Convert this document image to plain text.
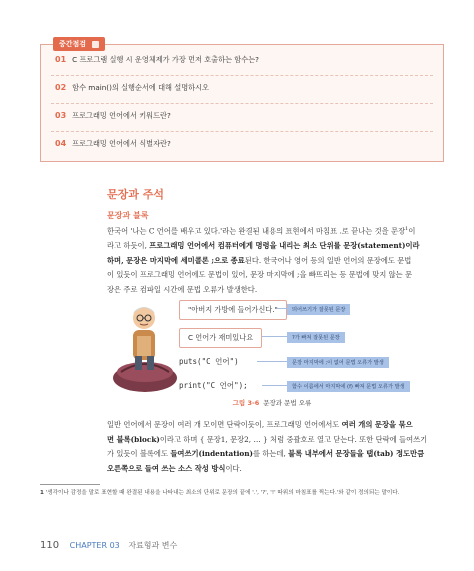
중간점검
01 C 프로그램 실행 시 운영체제가 가장 먼저 호출하는 함수는?
02 함수 main()의 실행순서에 대해 설명하시오
03 프로그래밍 언어에서 키워드란?
04 프로그래밍 언어에서 식별자란?
문장과 주석
문장과 블록
한국어 '나는 C 언어를 배우고 있다.'라는 완결된 내용의 표현에서 마침표 .로 끝나는 것을 문장$^1$이
라고 하듯이, 프로그래밍 언어에서 컴퓨터에게 명령을 내리는 최소 단위를 문장(statement)이라
하며, 문장은 마지막에 세미콜론 ;으로 종료된다. 한국어나 영어 등의 일반 언어의 문장에도 문법
이 있듯이 프로그래밍 언어에도 문법이 있어, 문장 마지막에 ;을 빠뜨리는 등 문법에 맞지 않는 문
장은 주로 컴파일 시간에 문법 오류가 발생한다.
"아버지 가방에 들어가신다."	띄어쓰기가 잘못된 문장
C 언어가 재미있나요	?가 빠져 잘못된 문장
puts("C 언어")	문장 마지막에 ;이 없어 문법 오류가 발생
print("C 언어");	함수 이름에서 마지막에 (f) 빠져 문법 오류가 발생
그림 3-6 문장과 문법 오류
일반 언어에서 문장이 여러 개 모이면 단락이듯이, 프로그래밍 언어에서도 여러 개의 문장을 묶으
면 블록(block)이라고 하며 { 문장1, 문장2, … } 처럼 중괄호로 열고 닫는다. 또한 단락에 들여쓰기
가 있듯이 블록에도 들여쓰기(indentation)를 하는데, 블록 내부에서 문장들을 탭(tab) 정도만큼
오른쪽으로 들여 쓰는 소스 작성 방식이다.
1 '생각이나 감정을 말로 표현할 때 완결된 내용을 나타내는 최소의 단위로 문장의 끝에 '.', '?', '!' 따위의 마침표를 찍는다.'와 같이 정의되는 말이다.
110 CHAPTER 03 자료형과 변수
